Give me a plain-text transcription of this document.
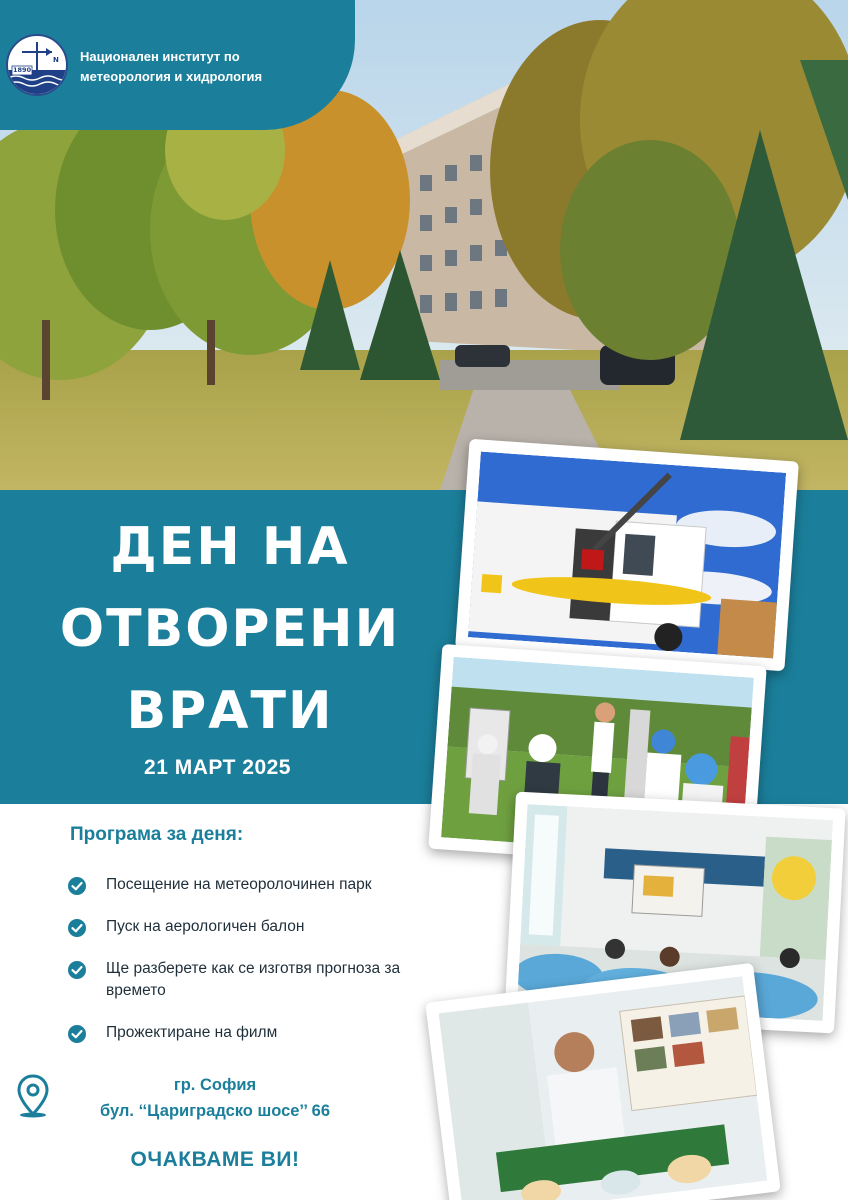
N
1890
Национален институт по
метеорология и хидрология
ДЕН НА
ОТВОРЕНИ
ВРАТИ
21 МАРТ 2025
Програма за деня:
Посещение на метеоролочинен парк
Пуск на аерологичен балон
Ще разберете как се изготвя прогноза за времето
Прожектиране на филм
гр. София
бул. ‘‘Цариградско шосе’’ 66
ОЧАКВАМЕ ВИ!
